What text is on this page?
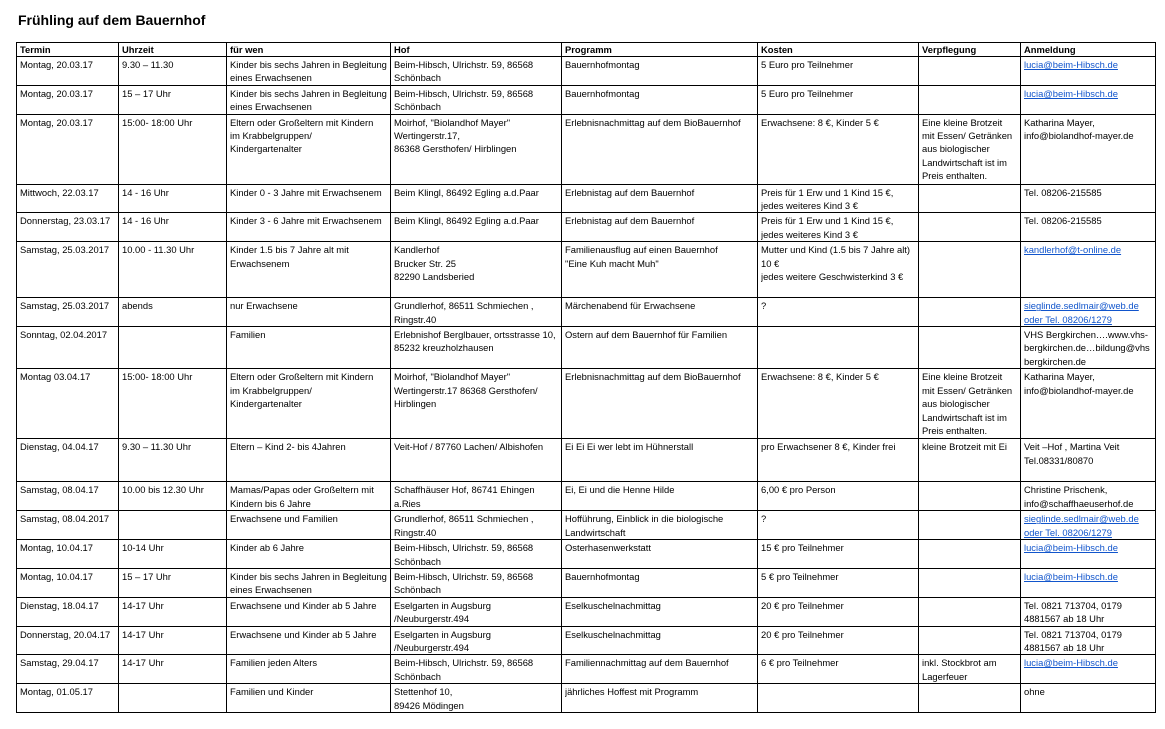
Frühling auf dem Bauernhof
Termin	Uhrzeit	für wen	Hof	Programm	Kosten	Verpflegung	Anmeldung

Montag, 20.03.17	9.30 – 11.30	Kinder bis sechs Jahren in Begleitung
eines Erwachsenen	Beim-Hibsch, Ulrichstr. 59, 86568
Schönbach	Bauernhofmontag	5 Euro pro Teilnehmer		lucia@beim-Hibsch.de

Montag, 20.03.17	15 – 17 Uhr	Kinder bis sechs Jahren in Begleitung
eines Erwachsenen	Beim-Hibsch, Ulrichstr. 59, 86568
Schönbach	Bauernhofmontag	5 Euro pro Teilnehmer		lucia@beim-Hibsch.de

Montag, 20.03.17	15:00- 18:00 Uhr	Eltern oder Großeltern mit Kindern
im Krabbelgruppen/
Kindergartenalter	Moirhof, "Biolandhof Mayer"
Wertingerstr.17,
86368 Gersthofen/ Hirblingen	Erlebnisnachmittag auf dem BioBauernhof	Erwachsene: 8 €, Kinder 5 €	Eine kleine Brotzeit
mit Essen/ Getränken
aus biologischer
Landwirtschaft ist im
Preis enthalten.	Katharina Mayer,
info@biolandhof-mayer.de

Mittwoch, 22.03.17	14 - 16 Uhr	Kinder 0 - 3 Jahre mit Erwachsenem	Beim Klingl, 86492 Egling a.d.Paar	Erlebnistag auf dem Bauernhof	Preis für 1 Erw und 1 Kind 15 €,
jedes weiteres Kind 3 €		Tel. 08206-215585

Donnerstag, 23.03.17	14 - 16 Uhr	Kinder 3 - 6 Jahre mit Erwachsenem	Beim Klingl, 86492 Egling a.d.Paar	Erlebnistag auf dem Bauernhof	Preis für 1 Erw und 1 Kind 15 €,
jedes weiteres Kind 3 €		Tel. 08206-215585

Samstag, 25.03.2017	10.00 - 11.30 Uhr	Kinder 1.5 bis 7 Jahre alt mit
Erwachsenem	Kandlerhof
Brucker Str. 25
82290 Landsberied	Familienausflug auf einen Bauernhof
"Eine Kuh macht Muh"	Mutter und Kind (1.5 bis 7 Jahre alt)
10 €
jedes weitere Geschwisterkind 3 €		kandlerhof@t-online.de

Samstag, 25.03.2017	abends	nur Erwachsene	Grundlerhof, 86511 Schmiechen ,
Ringstr.40	Märchenabend für Erwachsene	?		sieglinde.sedlmair@web.de
oder Tel. 08206/1279

Sonntag, 02.04.2017		Familien	Erlebnishof Berglbauer, ortsstrasse 10,
85232 kreuzholzhausen	Ostern auf dem Bauernhof für Familien			VHS Bergkirchen….www.vhs-
bergkirchen.de…bildung@vhs
bergkirchen.de

Montag 03.04.17	15:00- 18:00 Uhr	Eltern oder Großeltern mit Kindern
im Krabbelgruppen/
Kindergartenalter	Moirhof, "Biolandhof Mayer"
Wertingerstr.17 86368 Gersthofen/
Hirblingen	Erlebnisnachmittag auf dem BioBauernhof	Erwachsene: 8 €, Kinder 5 €	Eine kleine Brotzeit
mit Essen/ Getränken
aus biologischer
Landwirtschaft ist im
Preis enthalten.	Katharina Mayer,
info@biolandhof-mayer.de

Dienstag, 04.04.17	9.30 – 11.30 Uhr	Eltern – Kind 2- bis 4Jahren	Veit-Hof / 87760 Lachen/ Albishofen	Ei Ei Ei wer lebt im Hühnerstall	pro Erwachsener 8 €, Kinder frei	kleine Brotzeit mit Ei	Veit –Hof , Martina Veit
Tel.08331/80870

Samstag, 08.04.17	10.00 bis 12.30 Uhr	Mamas/Papas oder Großeltern mit
Kindern bis 6 Jahre	Schaffhäuser Hof, 86741 Ehingen
a.Ries	Ei, Ei und die Henne Hilde	6,00 € pro Person		Christine Prischenk,
info@schaffhaeuserhof.de

Samstag, 08.04.2017		Erwachsene und Familien	Grundlerhof, 86511 Schmiechen ,
Ringstr.40	Hofführung, Einblick in die biologische
Landwirtschaft	?		sieglinde.sedlmair@web.de
oder Tel. 08206/1279

Montag, 10.04.17	10-14 Uhr	Kinder ab 6 Jahre	Beim-Hibsch, Ulrichstr. 59, 86568
Schönbach	Osterhasenwerkstatt	15 € pro Teilnehmer		lucia@beim-Hibsch.de

Montag, 10.04.17	15 – 17 Uhr	Kinder bis sechs Jahren in Begleitung
eines Erwachsenen	Beim-Hibsch, Ulrichstr. 59, 86568
Schönbach	Bauernhofmontag	5 € pro Teilnehmer		lucia@beim-Hibsch.de

Dienstag, 18.04.17	14-17 Uhr	Erwachsene und Kinder ab 5 Jahre	Eselgarten in Augsburg
/Neuburgerstr.494	Eselkuschelnachmittag	20 € pro Teilnehmer		Tel. 0821 713704, 0179
4881567 ab 18 Uhr

Donnerstag, 20.04.17	14-17 Uhr	Erwachsene und Kinder ab 5 Jahre	Eselgarten in Augsburg
/Neuburgerstr.494	Eselkuschelnachmittag	20 € pro Teilnehmer		Tel. 0821 713704, 0179
4881567 ab 18 Uhr

Samstag, 29.04.17	14-17 Uhr	Familien jeden Alters	Beim-Hibsch, Ulrichstr. 59, 86568
Schönbach	Familiennachmittag auf dem Bauernhof	6 € pro Teilnehmer	inkl. Stockbrot am
Lagerfeuer	lucia@beim-Hibsch.de

Montag, 01.05.17		Familien und Kinder	Stettenhof 10,
89426 Mödingen	jährliches Hoffest mit Programm			ohne
